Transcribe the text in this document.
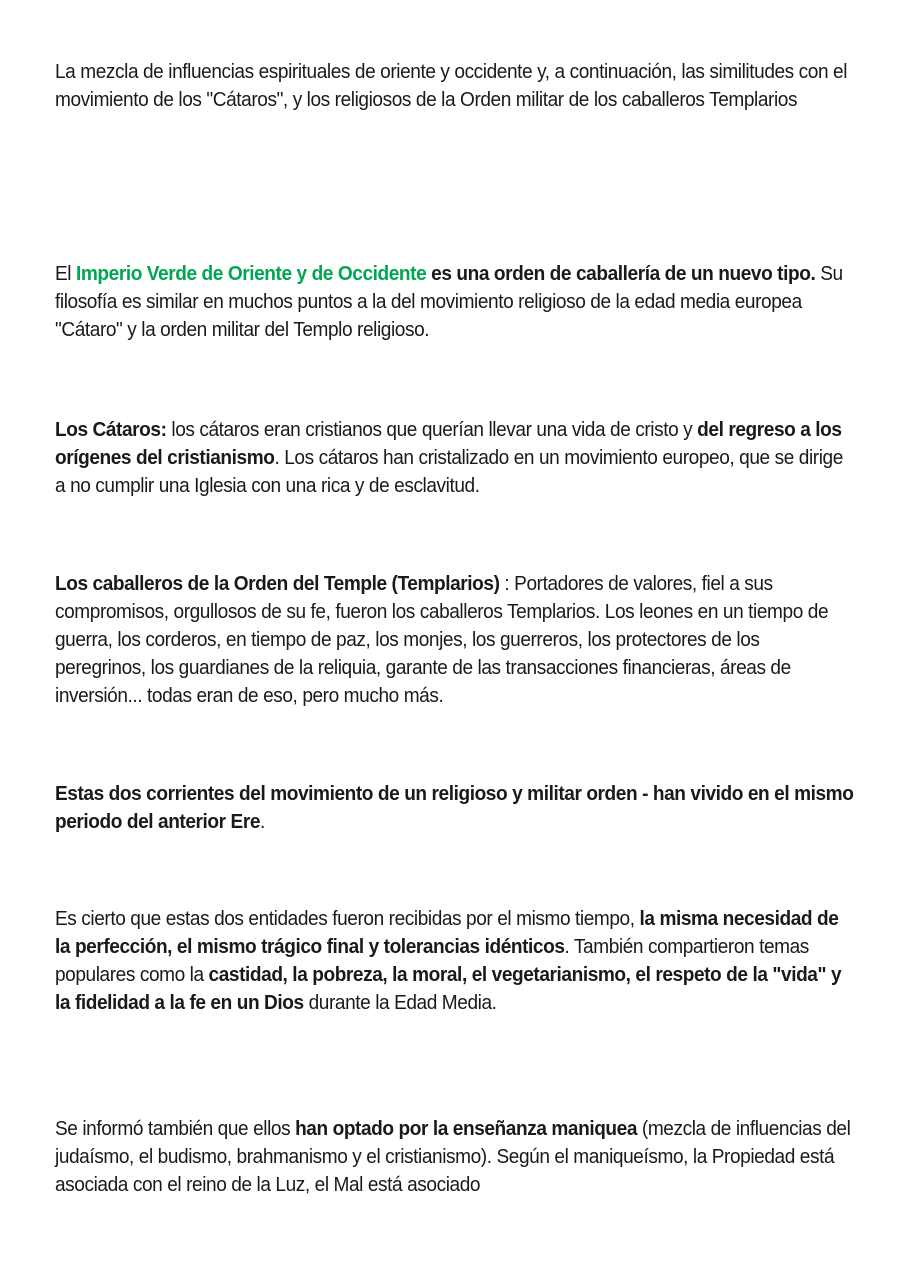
La mezcla de influencias espirituales de oriente y occidente y, a continuación, las similitudes con el movimiento de los "Cátaros", y los religiosos de la Orden militar de los caballeros Templarios

El Imperio Verde de Oriente y de Occidente es una orden de caballería de un nuevo tipo. Su filosofía es similar en muchos puntos a la del movimiento religioso de la edad media europea "Cátaro" y la orden militar del Templo religioso.

Los Cátaros: los cátaros eran cristianos que querían llevar una vida de cristo y del regreso a los orígenes del cristianismo. Los cátaros han cristalizado en un movimiento europeo, que se dirige a no cumplir una Iglesia con una rica y de esclavitud.

Los caballeros de la Orden del Temple (Templarios) : Portadores de valores, fiel a sus compromisos, orgullosos de su fe, fueron los caballeros Templarios. Los leones en un tiempo de guerra, los corderos, en tiempo de paz, los monjes, los guerreros, los protectores de los peregrinos, los guardianes de la reliquia, garante de las transacciones financieras, áreas de inversión... todas eran de eso, pero mucho más.

Estas dos corrientes del movimiento de un religioso y militar orden - han vivido en el mismo periodo del anterior Ere.

Es cierto que estas dos entidades fueron recibidas por el mismo tiempo, la misma necesidad de la perfección, el mismo trágico final y tolerancias idénticos. También compartieron temas populares como la castidad, la pobreza, la moral, el vegetarianismo, el respeto de la "vida" y la fidelidad a la fe en un Dios durante la Edad Media.

Se informó también que ellos han optado por la enseñanza maniquea (mezcla de influencias del judaísmo, el budismo, brahmanismo y el cristianismo). Según el maniqueísmo, la Propiedad está asociada con el reino de la Luz, el Mal está asociado
